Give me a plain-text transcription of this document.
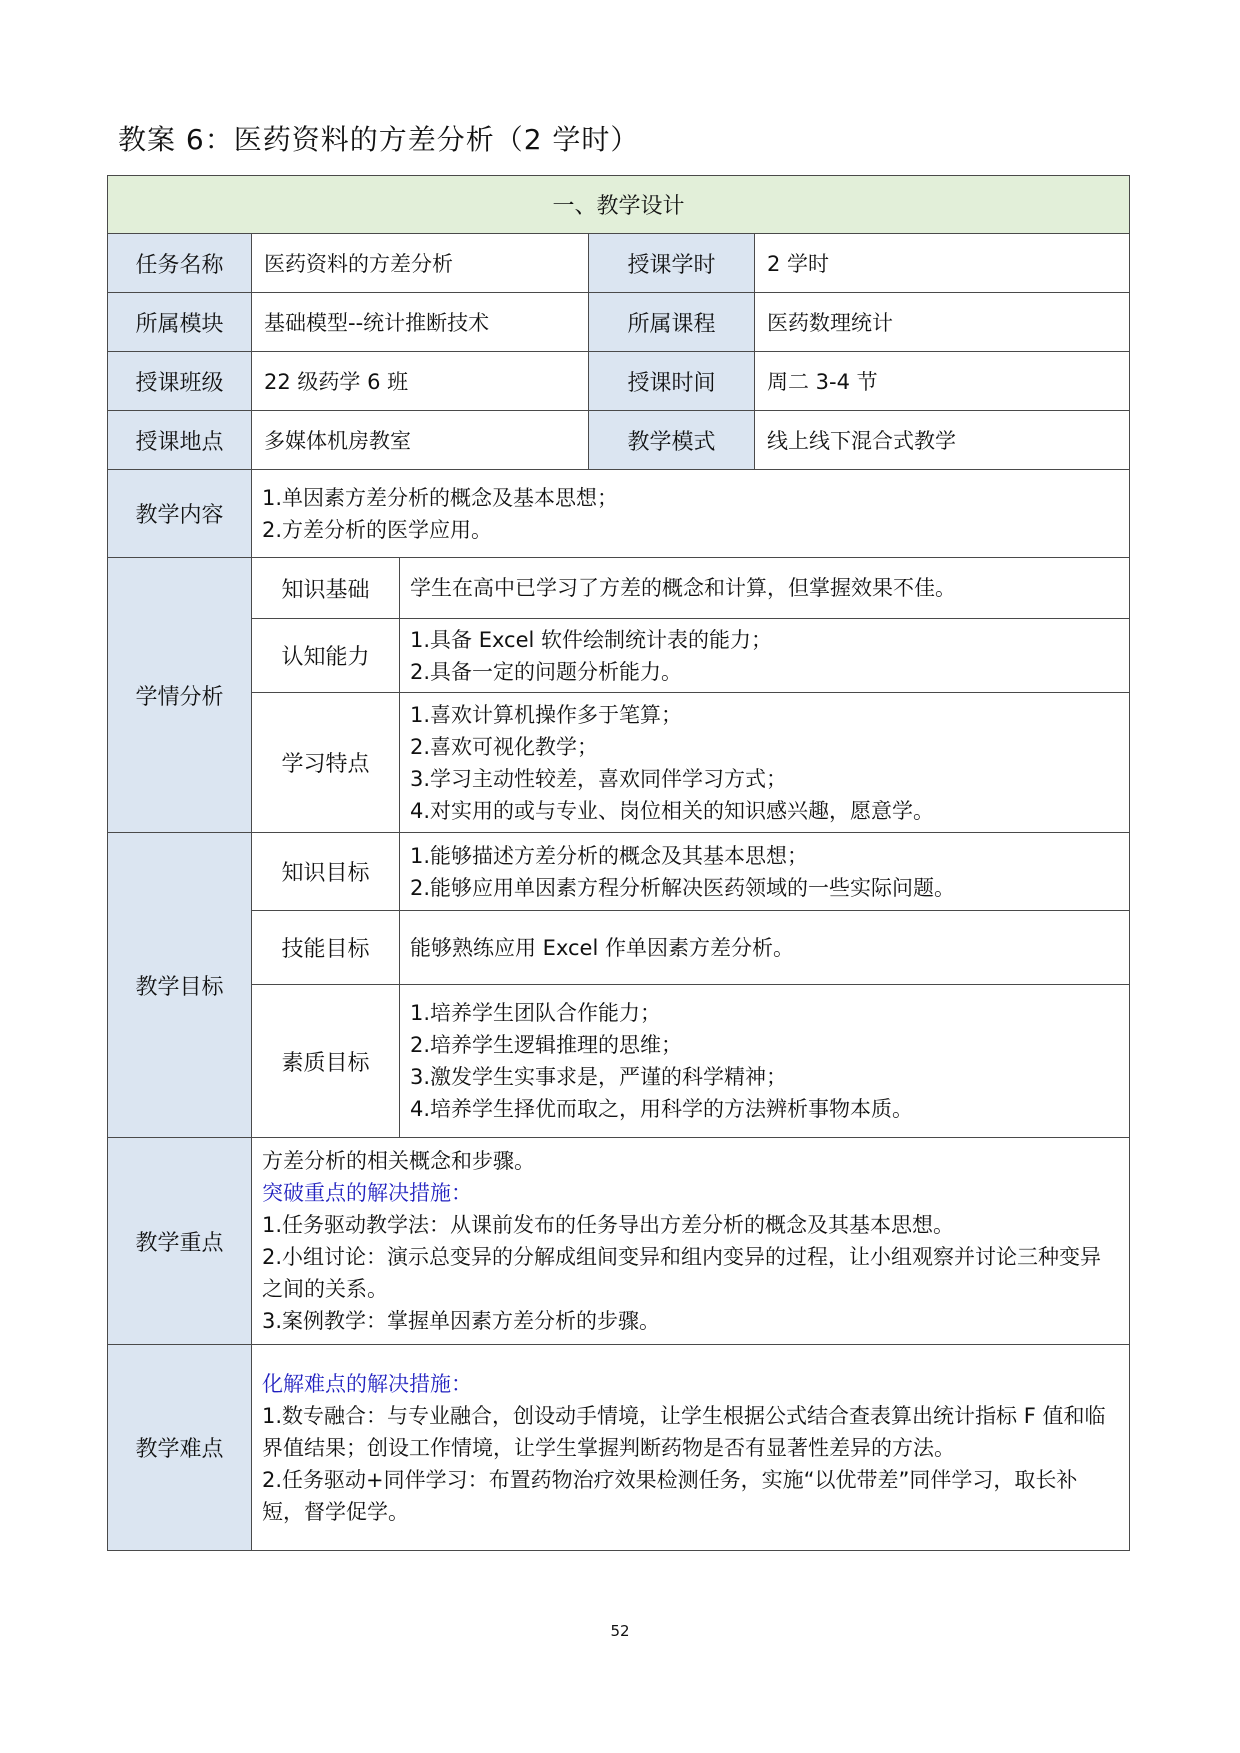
教案 6：医药资料的方差分析（2 学时）
一、教学设计				
任务名称	医药资料的方差分析		授课学时	2 学时
所属模块	基础模型--统计推断技术		所属课程	医药数理统计
授课班级	22 级药学 6 班		授课时间	周二 3-4 节
授课地点	多媒体机房教室		教学模式	线上线下混合式教学
教学内容	1.单因素方差分析的概念及基本思想；
2.方差分析的医学应用。			

学情分析	知识基础	学生在高中已学习了方差的概念和计算，但掌握效果不佳。		

	认知能力	1.具备 Excel 软件绘制统计表的能力；
2.具备一定的问题分析能力。		

	学习特点	1.喜欢计算机操作多于笔算；
2.喜欢可视化教学；
3.学习主动性较差，喜欢同伴学习方式；
4.对实用的或与专业、岗位相关的知识感兴趣，愿意学。		

教学目标	知识目标	1.能够描述方差分析的概念及其基本思想；
2.能够应用单因素方程分析解决医药领域的一些实际问题。		

	技能目标	能够熟练应用 Excel 作单因素方差分析。		

	素质目标	1.培养学生团队合作能力；
2.培养学生逻辑推理的思维；
3.激发学生实事求是，严谨的科学精神；
4.培养学生择优而取之，用科学的方法辨析事物本质。		

教学重点	方差分析的相关概念和步骤。
突破重点的解决措施：
1.任务驱动教学法：从课前发布的任务导出方差分析的概念及其基本思想。
2.小组讨论：演示总变异的分解成组间变异和组内变异的过程，让小组观察并讨论三种变异之间的关系。
3.案例教学：掌握单因素方差分析的步骤。			

教学难点	化解难点的解决措施：
1.数专融合：与专业融合，创设动手情境，让学生根据公式结合查表算出统计指标 F 值和临界值结果；创设工作情境，让学生掌握判断药物是否有显著性差异的方法。
2.任务驱动+同伴学习：布置药物治疗效果检测任务，实施“以优带差”同伴学习，取长补短，督学促学。			
52
